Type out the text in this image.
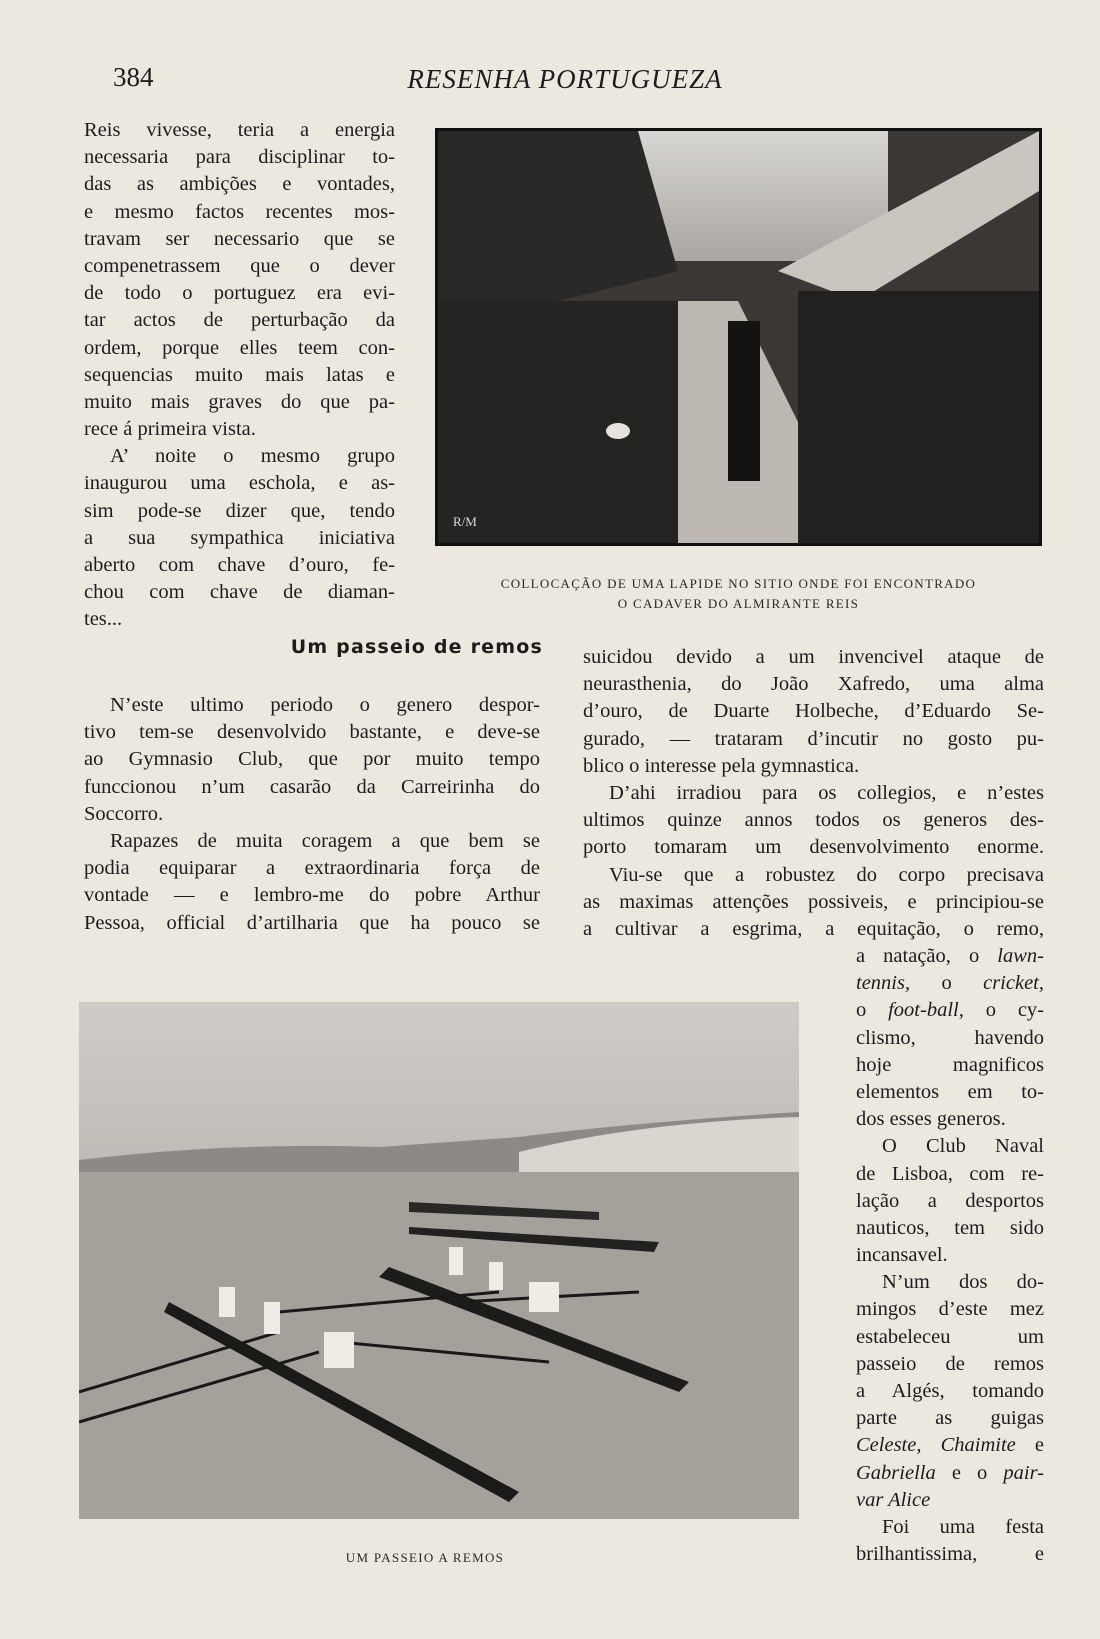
384	RESENHA PORTUGUEZA
Reis vivesse, teria a energia
necessaria para disciplinar to-
das as ambições e vontades,
e mesmo factos recentes mos-
travam ser necessario que se
compenetrassem que o dever
de todo o portuguez era evi-
tar actos de perturbação da
ordem, porque elles teem con-
sequencias muito mais latas e
muito mais graves do que pa-
rece á primeira vista.
A’ noite o mesmo grupo
inaugurou uma eschola, e as-
sim pode-se dizer que, tendo
a sua sympathica iniciativa
aberto com chave d’ouro, fe-
chou com chave de diaman-
tes...
R/M
COLLOCAÇÃO DE UMA LAPIDE NO SITIO ONDE FOI ENCONTRADO
O CADAVER DO ALMIRANTE REIS
Um passeio de remos
N’este ultimo periodo o genero despor-
tivo tem-se desenvolvido bastante, e deve-se
ao Gymnasio Club, que por muito tempo
funccionou n’um casarão da Carreirinha do
Soccorro.
Rapazes de muita coragem a que bem se
podia equiparar a extraordinaria força de
vontade — e lembro-me do pobre Arthur
Pessoa, official d’artilharia que ha pouco se
suicidou devido a um invencivel ataque de
neurasthenia, do João Xafredo, uma alma
d’ouro, de Duarte Holbeche, d’Eduardo Se-
gurado, — trataram d’incutir no gosto pu-
blico o interesse pela gymnastica.
D’ahi irradiou para os collegios, e n’estes
ultimos quinze annos todos os generos des-
porto tomaram um desenvolvimento enorme.
Viu-se que a robustez do corpo precisava
as maximas attenções possiveis, e principiou-se
a cultivar a esgrima, a equitação, o remo,
a natação, o lawn-
tennis, o cricket,
o foot-ball, o cy-
clismo, havendo
hoje magnificos
elementos em to-
dos esses generos.
O Club Naval
de Lisboa, com re-
lação a desportos
nauticos, tem sido
incansavel.
N’um dos do-
mingos d’este mez
estabeleceu um
passeio de remos
a Algés, tomando
parte as guigas
Celeste, Chaimite e
Gabriella e o pair-
var Alice
Foi uma festa
brilhantissima, e
UM PASSEIO A REMOS
